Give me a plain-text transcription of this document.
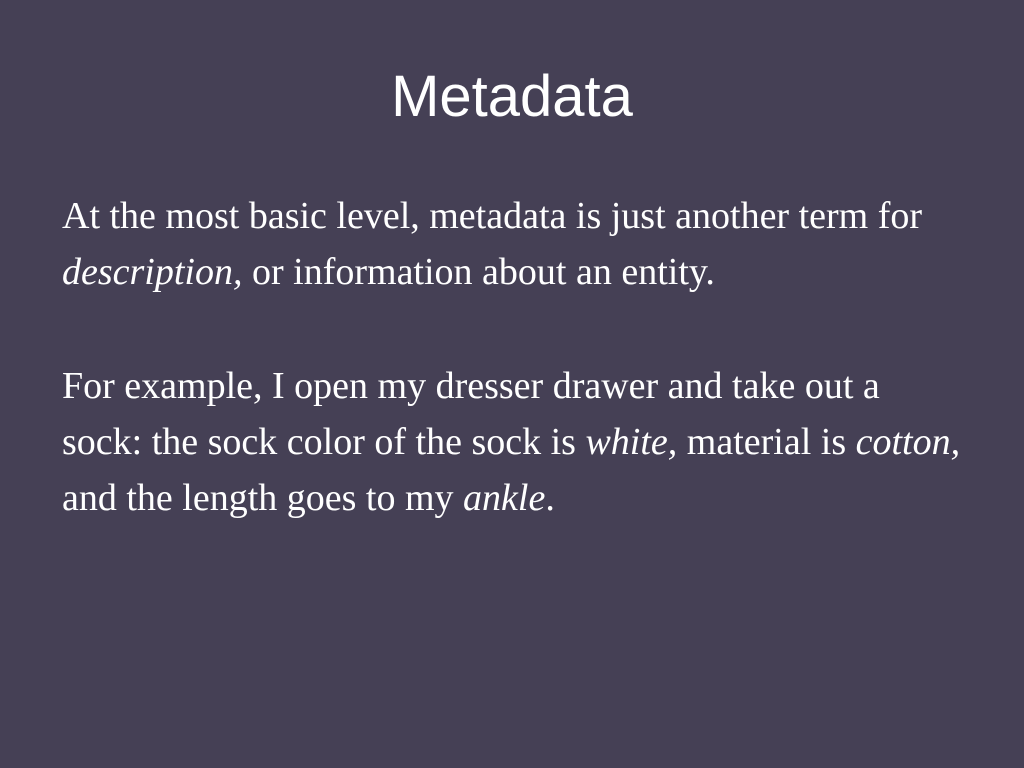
Metadata

At the most basic level, metadata is just another term for description, or information about an entity.

For example, I open my dresser drawer and take out a sock: the sock color of the sock is white, material is cotton, and the length goes to my ankle.
